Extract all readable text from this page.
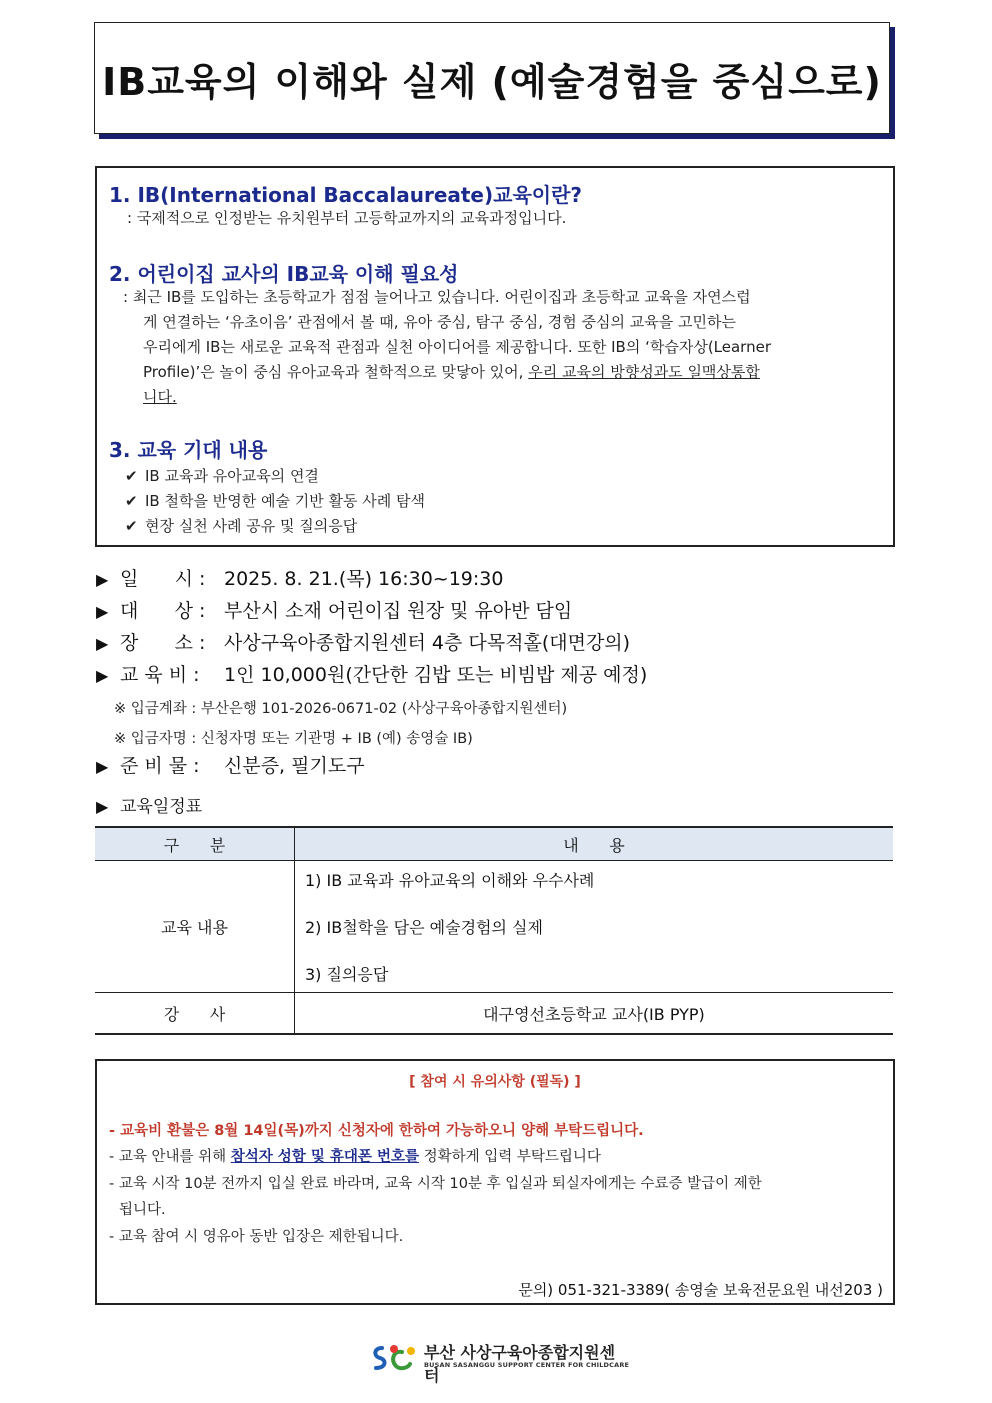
IB교육의 이해와 실제 (예술경험을 중심으로)
1. IB(International Baccalaureate)교육이란?
: 국제적으로 인정받는 유치원부터 고등학교까지의 교육과정입니다.
2. 어린이집 교사의 IB교육 이해 필요성
: 최근 IB를 도입하는 초등학교가 점점 늘어나고 있습니다. 어린이집과 초등학교 교육을 자연스럽
게 연결하는 ‘유초이음’ 관점에서 볼 때, 유아 중심, 탐구 중심, 경험 중심의 교육을 고민하는
우리에게 IB는 새로운 교육적 관점과 실천 아이디어를 제공합니다. 또한 IB의 ‘학습자상(Learner
Profile)’은 놀이 중심 유아교육과 철학적으로 맞닿아 있어, 우리 교육의 방향성과도 일맥상통합
니다.
3. 교육 기대 내용
✔ IB 교육과 유아교육의 연결
✔ IB 철학을 반영한 예술 기반 활동 사례 탐색
✔ 현장 실천 사례 공유 및 질의응답
▶ 일      시 : 2025. 8. 21.(목) 16:30~19:30
▶ 대      상 : 부산시 소재 어린이집 원장 및 유아반 담임
▶ 장      소 : 사상구육아종합지원센터 4층 다목적홀(대면강의)
▶ 교 육 비 : 1인 10,000원(간단한 김밥 또는 비빔밥 제공 예정)
※ 입금계좌 : 부산은행 101-2026-0671-02 (사상구육아종합지원센터)
※ 입금자명 : 신청자명 또는 기관명 + IB (예) 송영술 IB)
▶ 준 비 물 : 신분증, 필기도구
▶ 교육일정표
구      분	내      용
교육 내용	1) IB 교육과 유아교육의 이해와 우수사례
2) IB철학을 담은 예술경험의 실제
3) 질의응답

강      사	대구영선초등학교 교사(IB PYP)
[ 참여 시 유의사항 (필독) ]
- 교육비 환불은 8월 14일(목)까지 신청자에 한하여 가능하오니 양해 부탁드립니다.
- 교육 안내를 위해 참석자 성함 및 휴대폰 번호를 정확하게 입력 부탁드립니다
- 교육 시작 10분 전까지 입실 완료 바라며, 교육 시작 10분 후 입실과 퇴실자에게는 수료증 발급이 제한
됩니다.
- 교육 참여 시 영유아 동반 입장은 제한됩니다.
문의) 051-321-3389( 송영술 보육전문요원 내선203 )
부산 사상구육아종합지원센터
BUSAN SASANGGU SUPPORT CENTER FOR CHILDCARE
